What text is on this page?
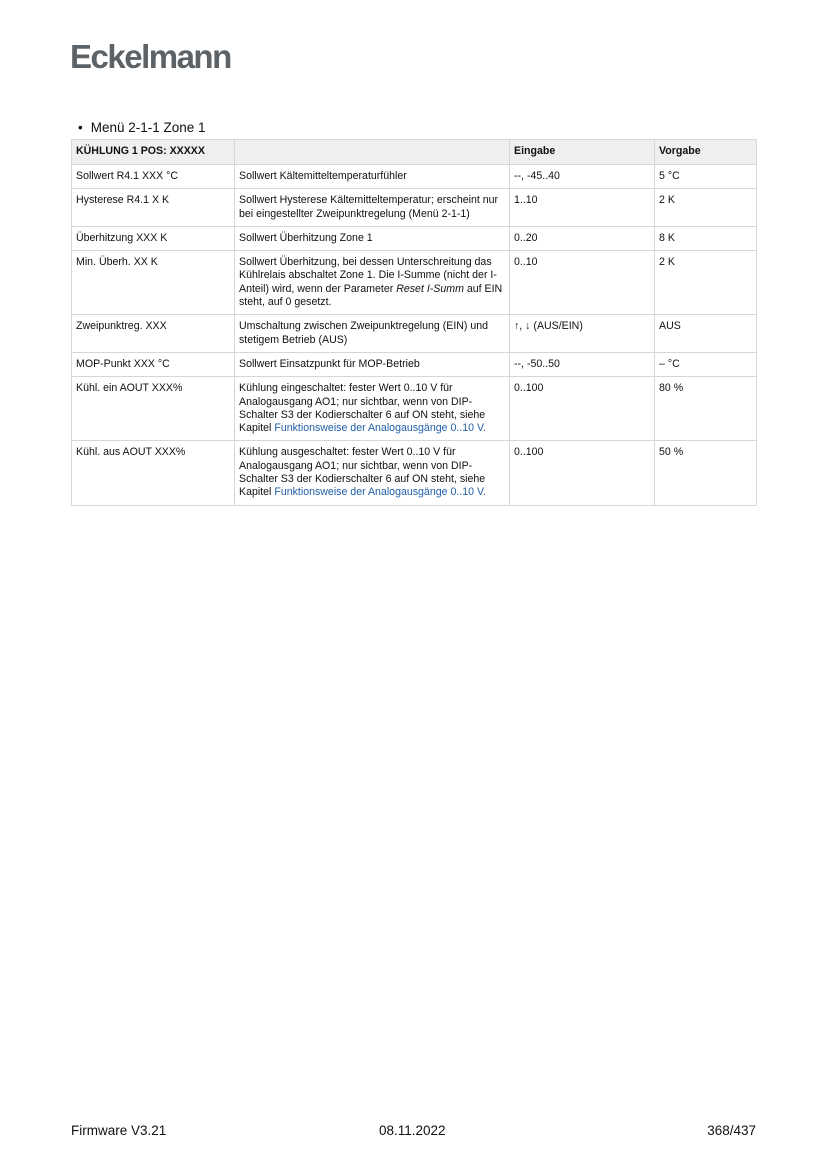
Eckelmann
• Menü 2-1-1 Zone 1
KÜHLUNG 1 POS: XXXXX		Eingabe	Vorgabe
Sollwert R4.1 XXX °C	Sollwert Kältemitteltemperaturfühler	--, -45..40	5 °C
Hysterese R4.1 X K	Sollwert Hysterese Kältemitteltemperatur; erscheint nur bei eingestellter Zweipunktregelung (Menü 2-1-1)	1..10	2 K
Überhitzung XXX K	Sollwert Überhitzung Zone 1	0..20	8 K
Min. Überh. XX K	Sollwert Überhitzung, bei dessen Unterschreitung das Kühlrelais abschaltet Zone 1. Die I-Summe (nicht der I-Anteil) wird, wenn der Parameter Reset I-Summ auf EIN steht, auf 0 gesetzt.	0..10	2 K
Zweipunktreg. XXX	Umschaltung zwischen Zweipunktregelung (EIN) und stetigem Betrieb (AUS)	↑, ↓ (AUS/EIN)	AUS
MOP-Punkt XXX °C	Sollwert Einsatzpunkt für MOP-Betrieb	--, -50..50	– °C
Kühl. ein AOUT XXX%	Kühlung eingeschaltet: fester Wert 0..10 V für Analogausgang AO1; nur sichtbar, wenn von DIP-Schalter S3 der Kodierschalter 6 auf ON steht, siehe Kapitel Funktionsweise der Analogausgänge 0..10 V.	0..100	80 %
Kühl. aus AOUT XXX%	Kühlung ausgeschaltet: fester Wert 0..10 V für Analogausgang AO1; nur sichtbar, wenn von DIP-Schalter S3 der Kodierschalter 6 auf ON steht, siehe Kapitel Funktionsweise der Analogausgänge 0..10 V.	0..100	50 %
Firmware V3.21	08.11.2022	368/437
